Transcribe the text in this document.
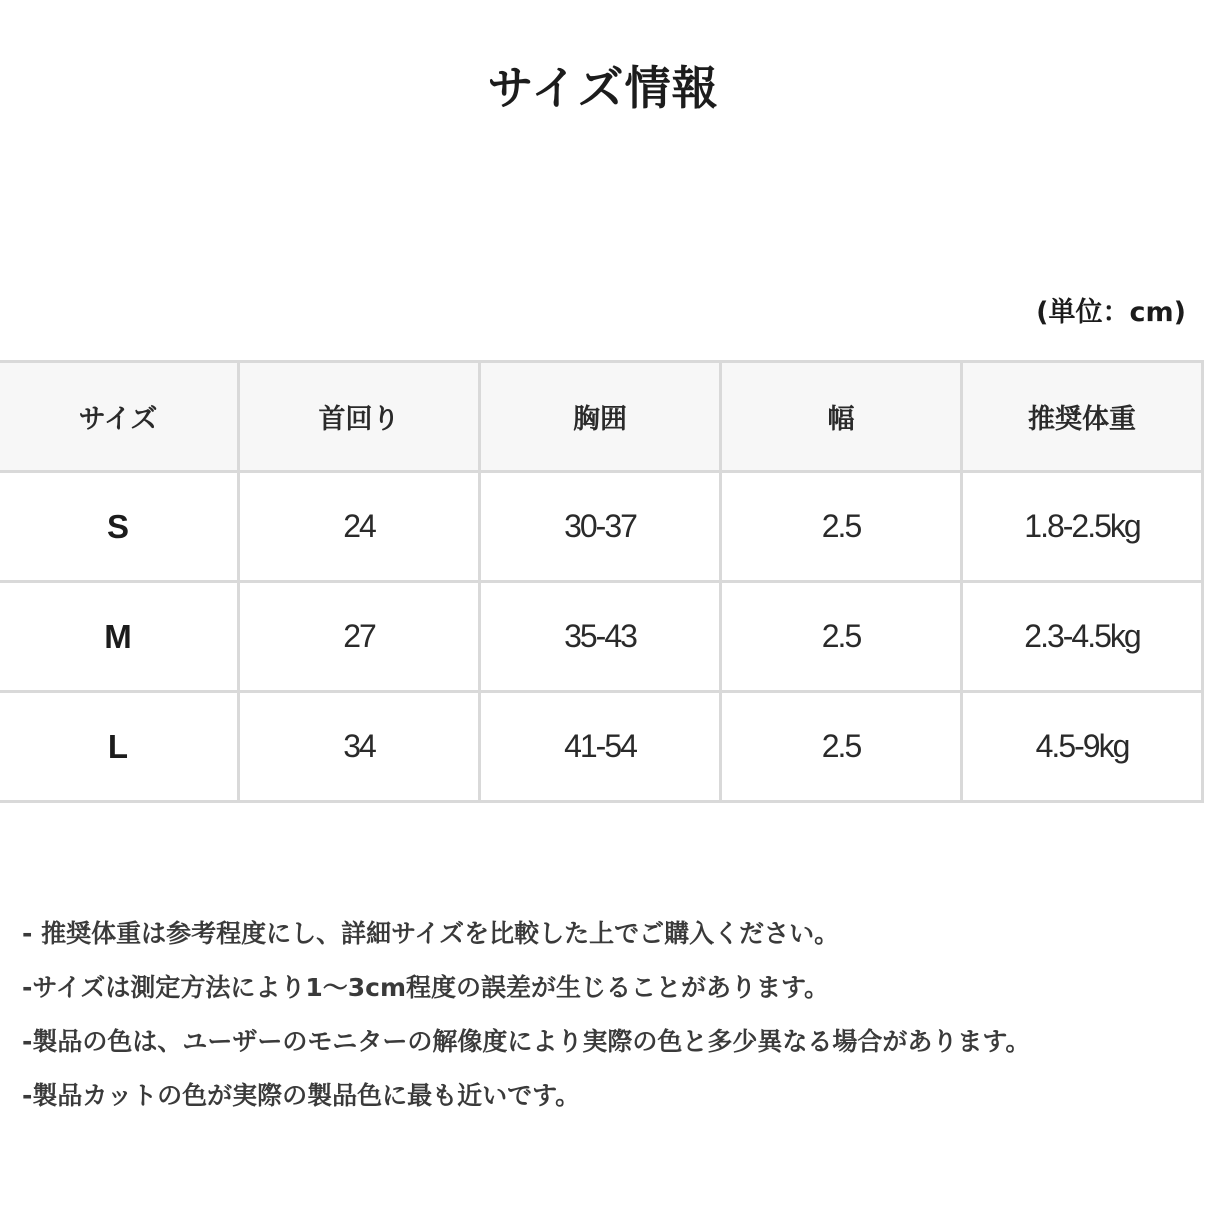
サイズ情報
(単位：cm)
サイズ	首回り	胸囲	幅	推奨体重
S	24	30-37	2.5	1.8-2.5kg
M	27	35-43	2.5	2.3-4.5kg
L	34	41-54	2.5	4.5-9kg
- 推奨体重は参考程度にし、詳細サイズを比較した上でご購入ください。
-サイズは測定方法により1～3cm程度の誤差が生じることがあります。
-製品の色は、ユーザーのモニターの解像度により実際の色と多少異なる場合があります。
-製品カットの色が実際の製品色に最も近いです。
